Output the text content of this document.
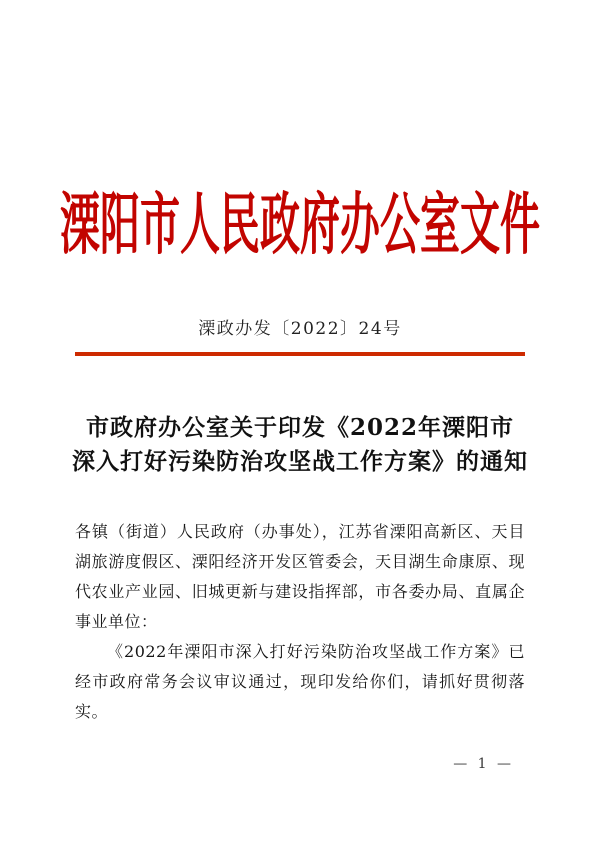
溧阳市人民政府办公室文件
溧政办发〔2022〕24号
市政府办公室关于印发《2022年溧阳市
深入打好污染防治攻坚战工作方案》的通知

各镇（街道）人民政府（办事处），江苏省溧阳高新区、天目湖旅游度假区、溧阳经济开发区管委会，天目湖生命康原、现代农业产业园、旧城更新与建设指挥部，市各委办局、直属企事业单位：

《2022年溧阳市深入打好污染防治攻坚战工作方案》已经市政府常务会议审议通过，现印发给你们，请抓好贯彻落实。

— 1 —
